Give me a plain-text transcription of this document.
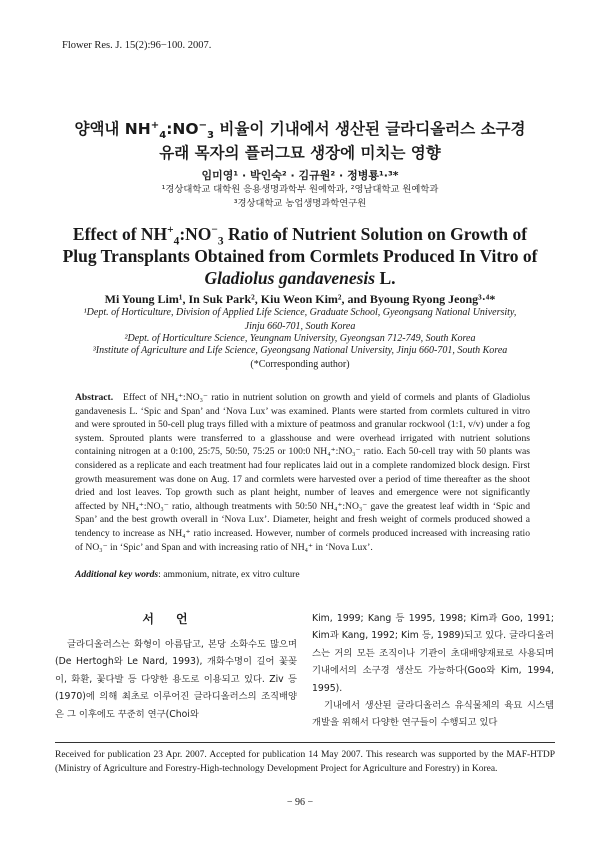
Flower Res. J. 15(2):96−100. 2007.
양액내 $NH^+_4:NO^-_3$ 비율이 기내에서 생산된 글라디올러스 소구경
유래 목자의 플러그묘 생장에 미치는 영향
임미영¹ · 박인숙² · 김규원² · 정병룡¹·³*
¹경상대학교 대학원 응용생명과학부 원예학과, ²영남대학교 원예학과
³경상대학교 농업생명과학연구원
Effect of $NH^+_4:NO^-_3$ Ratio of Nutrient Solution on Growth of
Plug Transplants Obtained from Cormlets Produced In Vitro of
Gladiolus gandavenesis L.
Mi Young Lim¹, In Suk Park², Kiu Weon Kim², and Byoung Ryong Jeong³·⁴*
¹Dept. of Horticulture, Division of Applied Life Science, Graduate School, Gyeongsang National University,
Jinju 660-701, South Korea
²Dept. of Horticulture Science, Yeungnam University, Gyeongsan 712-749, South Korea
³Institute of Agriculture and Life Science, Gyeongsang National University, Jinju 660-701, South Korea
(*Corresponding author)
Abstract. Effect of NH₄⁺:NO₃⁻ ratio in nutrient solution on growth and yield of cormels and plants of Gladiolus gandavenesis L. ‘Spic and Span’ and ‘Nova Lux’ was examined. Plants were started from cormlets cultured in vitro and were sprouted in 50-cell plug trays filled with a mixture of peatmoss and granular rockwool (1:1, v/v) under a fog system. Sprouted plants were transferred to a glasshouse and were overhead irrigated with nutrient solutions containing nitrogen at a 0:100, 25:75, 50:50, 75:25 or 100:0 NH₄⁺:NO₃⁻ ratio. Each 50-cell tray with 50 plants was considered as a replicate and each treatment had four replicates laid out in a complete randomized block design. First growth measurement was done on Aug. 17 and cormlets were harvested over a period of time thereafter as the shoot dried and lost leaves. Top growth such as plant height, number of leaves and emergence were not significantly affected by NH₄⁺:NO₃⁻ ratio, although treatments with 50:50 NH₄⁺:NO₃⁻ gave the greatest leaf width in ‘Spic and Span’ and the best growth overall in ‘Nova Lux’. Diameter, height and fresh weight of cormels produced showed a tendency to increase as NH₄⁺ ratio increased. However, number of cormels produced increased with increasing ratio of NO₃⁻ in ‘Spic’ and Span and with increasing ratio of NH₄⁺ in ‘Nova Lux’.
Additional key words: ammonium, nitrate, ex vitro culture
서언

글라디올러스는 화형이 아름답고, 본당 소화수도 많으며(De Hertogh와 Le Nard, 1993), 개화수명이 길어 꽃꽂이, 화환, 꽃다발 등 다양한 용도로 이용되고 있다. Ziv 등(1970)에 의해 최초로 이루어진 글라디올러스의 조직배양은 그 이후에도 꾸준히 연구(Choi와

Kim, 1999; Kang 등 1995, 1998; Kim과 Goo, 1991; Kim과 Kang, 1992; Kim 등, 1989)되고 있다. 글라디올러스는 거의 모든 조직이나 기관이 초대배양재료로 사용되며 기내에서의 소구경 생산도 가능하다(Goo와 Kim, 1994, 1995).

기내에서 생산된 글라디올러스 유식물체의 육묘 시스템 개발을 위해서 다양한 연구들이 수행되고 있다

Received for publication 23 Apr. 2007. Accepted for publication 14 May 2007. This research was supported by the MAF-HTDP (Ministry of Agriculture and Forestry-High-technology Development Project for Agriculture and Forestry) in Korea.
− 96 −
